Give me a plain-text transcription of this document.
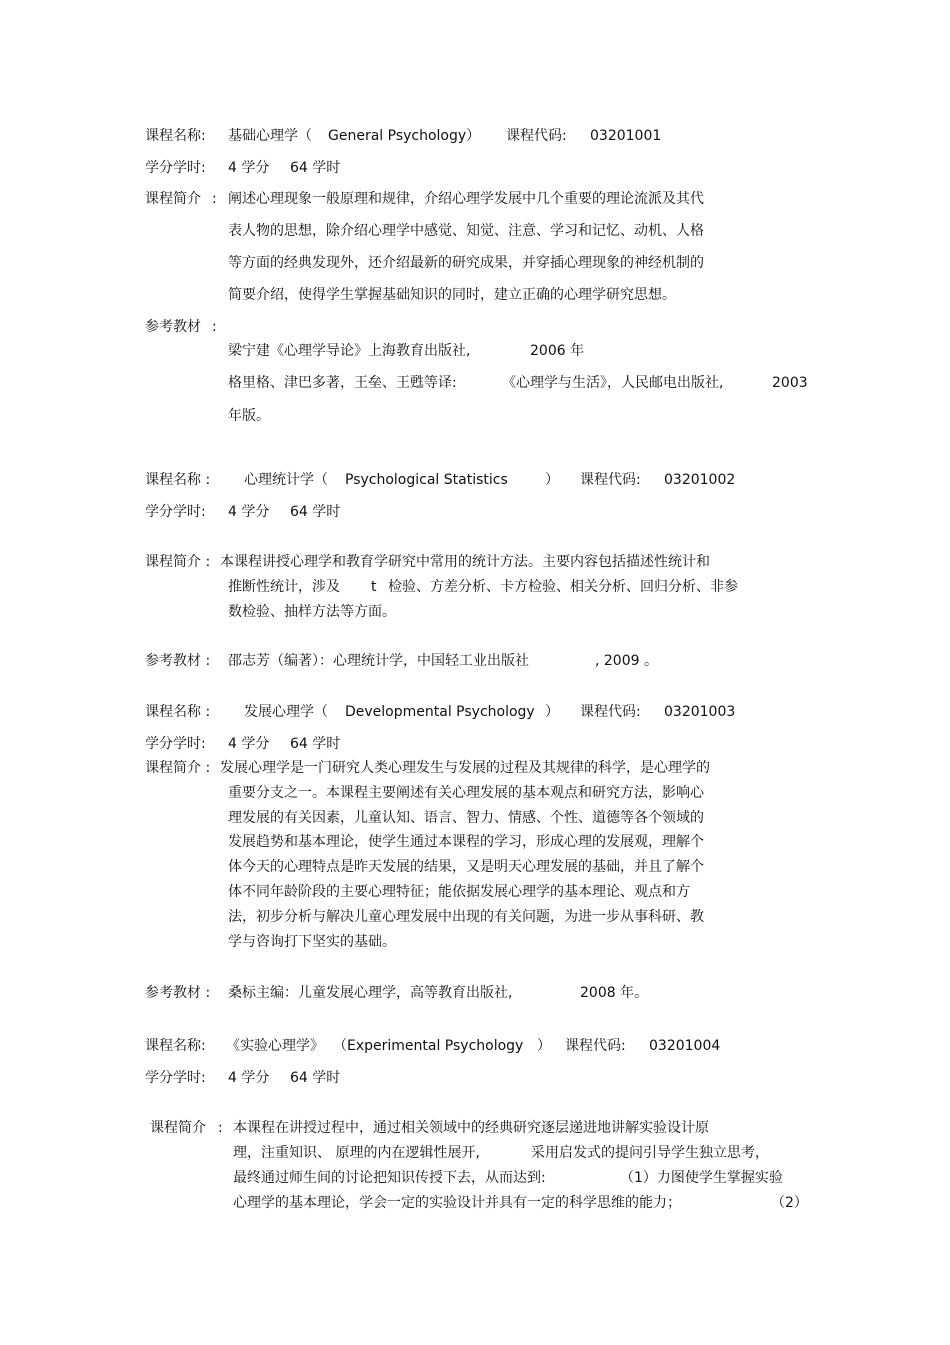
课程名称: 基础心理学（ General Psychology） 课程代码: 03201001
学分学时: 4 学分 64 学时
课程简介 : 阐述心理现象一般原理和规律，介绍心理学发展中几个重要的理论流派及其代
表人物的思想，除介绍心理学中感觉、知觉、注意、学习和记忆、动机、人格
等方面的经典发现外，还介绍最新的研究成果，并穿插心理现象的神经机制的
简要介绍，使得学生掌握基础知识的同时，建立正确的心理学研究思想。
参考教材 :
梁宁建《心理学导论》上海教育出版社,	2006 年
格里格、津巴多著，王垒、王甦等译:	《心理学与生活》，人民邮电出版社,	2003
年版。
课程名称 : 心理统计学（ Psychological Statistics	） 课程代码: 03201002
学分学时: 4 学分 64 学时
课程简介 : 本课程讲授心理学和教育学研究中常用的统计方法。主要内容包括描述性统计和
推断性统计，涉及 t 检验、方差分析、卡方检验、相关分析、回归分析、非参
数检验、抽样方法等方面。
参考教材 : 邵志芳（编著）：心理统计学，中国轻工业出版社	, 2009 。
课程名称 : 发展心理学（ Developmental Psychology ） 课程代码: 03201003
学分学时: 4 学分 64 学时
课程简介 : 发展心理学是一门研究人类心理发生与发展的过程及其规律的科学，是心理学的
重要分支之一。本课程主要阐述有关心理发展的基本观点和研究方法，影响心
理发展的有关因素，儿童认知、语言、智力、情感、个性、道德等各个领域的
发展趋势和基本理论，使学生通过本课程的学习，形成心理的发展观，理解个
体今天的心理特点是昨天发展的结果，又是明天心理发展的基础，并且了解个
体不同年龄阶段的主要心理特征；能依据发展心理学的基本理论、观点和方
法，初步分析与解决儿童心理发展中出现的有关问题，为进一步从事科研、教
学与咨询打下坚实的基础。
参考教材 : 桑标主编：儿童发展心理学，高等教育出版社,	2008 年。
课程名称: 《实验心理学》 （Experimental Psychology ） 课程代码: 03201004
学分学时: 4 学分 64 学时
课程简介 : 本课程在讲授过程中，通过相关领域中的经典研究逐层递进地讲解实验设计原
理，注重知识、 原理的内在逻辑性展开,	采用启发式的提问引导学生独立思考，
最终通过师生间的讨论把知识传授下去，从而达到:	（1）力图使学生掌握实验
心理学的基本理论，学会一定的实验设计并具有一定的科学思维的能力；	（2）
